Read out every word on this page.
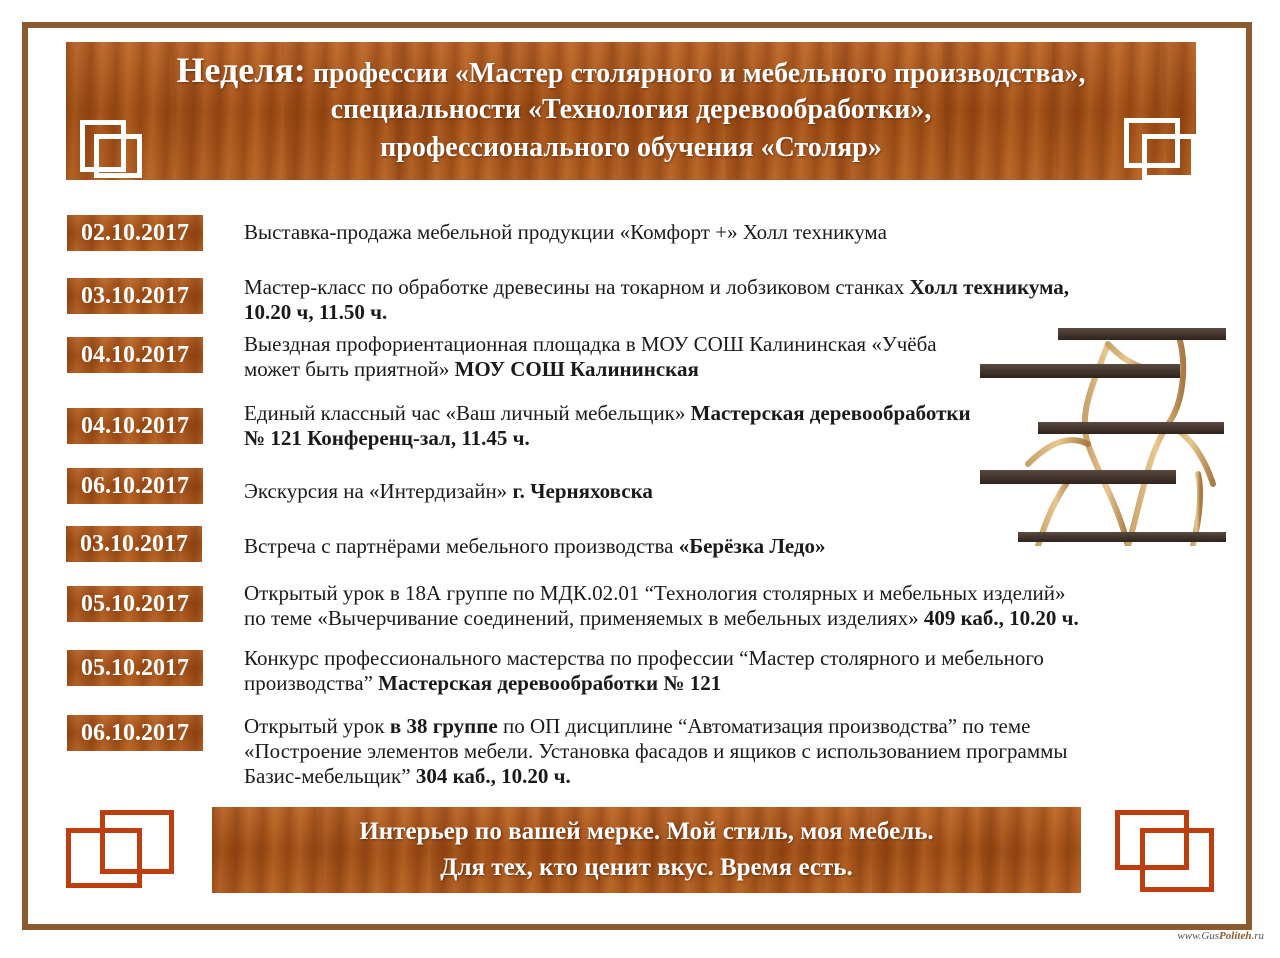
Неделя: профессии «Мастер столярного и мебельного производства»,
специальности «Технология деревообработки»,
профессионального обучения «Столяр»
02.10.2017	Выставка-продажа мебельной продукции «Комфорт +» Холл техникума
03.10.2017	Мастер-класс по обработке древесины на токарном и лобзиковом станках Холл техникума,
10.20 ч, 11.50 ч.
04.10.2017	Выездная профориентационная площадка в МОУ СОШ Калининская «Учёба
может быть приятной» МОУ СОШ Калининская
04.10.2017	Единый классный час «Ваш личный мебельщик» Мастерская деревообработки
№ 121 Конференц-зал, 11.45 ч.
06.10.2017	Экскурсия на «Интердизайн» г. Черняховска
03.10.2017	Встреча с партнёрами мебельного производства «Берёзка Ледо»
05.10.2017	Открытый урок в 18А группе по МДК.02.01 “Технология столярных и мебельных изделий»
по теме «Вычерчивание соединений, применяемых в мебельных изделиях» 409 каб., 10.20 ч.
05.10.2017	Конкурс профессионального мастерства по профессии “Мастер столярного и мебельного
производства” Мастерская деревообработки № 121
06.10.2017	Открытый урок в 38 группе по ОП дисциплине “Автоматизация производства” по теме
«Построение элементов мебели. Установка фасадов и ящиков с использованием программы
Базис-мебельщик” 304 каб., 10.20 ч.
Интерьер по вашей мерке. Мой стиль, моя мебель.
Для тех, кто ценит вкус. Время есть.
www.GusPoliteh.ru
